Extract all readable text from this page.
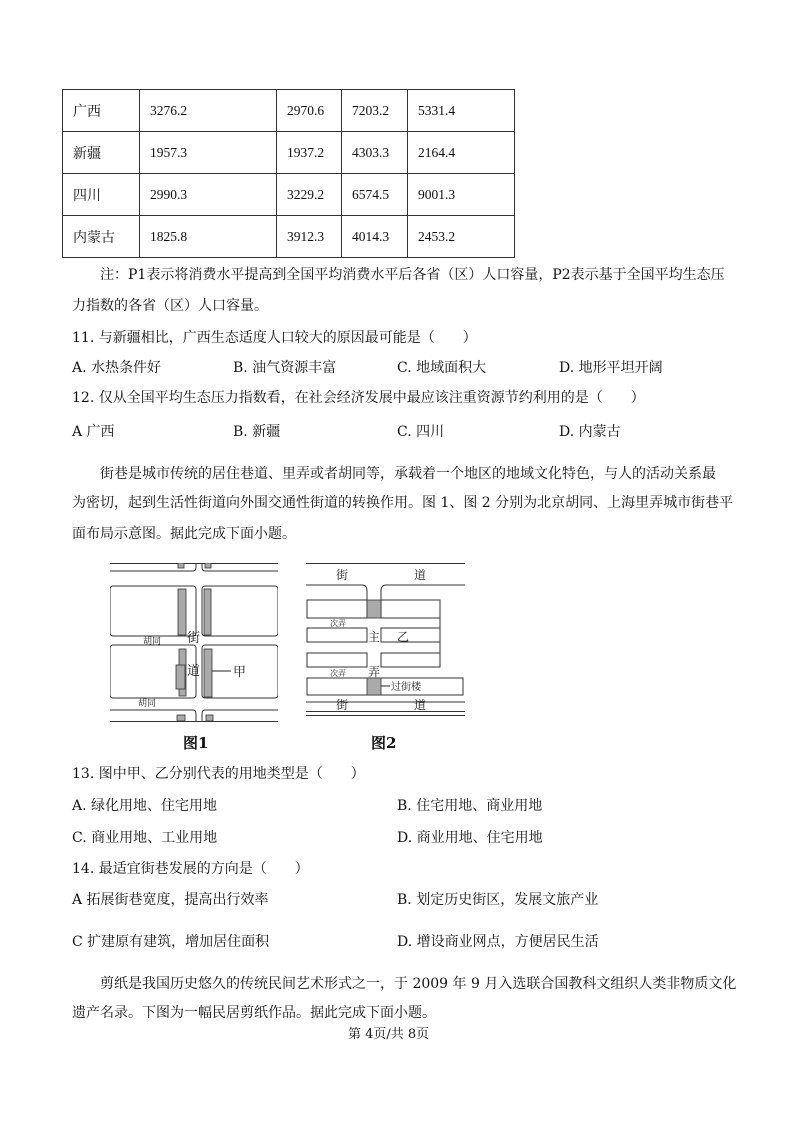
广西	3276.2	2970.6	7203.2	5331.4
新疆	1957.3	1937.2	4303.3	2164.4
四川	2990.3	3229.2	6574.5	9001.3
内蒙古	1825.8	3912.3	4014.3	2453.2
注：P1表示将消费水平提高到全国平均消费水平后各省（区）人口容量，P2表示基于全国平均生态压
力指数的各省（区）人口容量。
11. 与新疆相比，广西生态适度人口较大的原因最可能是（　　）
A. 水热条件好	B. 油气资源丰富	C. 地域面积大	D. 地形平坦开阔
12. 仅从全国平均生态压力指数看，在社会经济发展中最应该注重资源节约利用的是（　　）
A 广西	B. 新疆	C. 四川	D. 内蒙古
街巷是城市传统的居住巷道、里弄或者胡同等，承载着一个地区的地域文化特色，与人的活动关系最
为密切，起到生活性街道向外围交通性街道的转换作用。图 1、图 2 分别为北京胡同、上海里弄城市街巷平
面布局示意图。据此完成下面小题。
街
道
胡同
胡同
甲
街	道
次弄
主 乙
弄
次弄
过街楼
街	道
图1	图2
13. 图中甲、乙分别代表的用地类型是（　　）
A. 绿化用地、住宅用地	B. 住宅用地、商业用地
C. 商业用地、工业用地	D. 商业用地、住宅用地
14. 最适宜街巷发展的方向是（　　）
A 拓展街巷宽度，提高出行效率	B. 划定历史街区，发展文旅产业
C 扩建原有建筑，增加居住面积	D. 增设商业网点，方便居民生活
剪纸是我国历史悠久的传统民间艺术形式之一，于 2009 年 9 月入选联合国教科文组织人类非物质文化
遗产名录。下图为一幅民居剪纸作品。据此完成下面小题。
第 4页/共 8页
